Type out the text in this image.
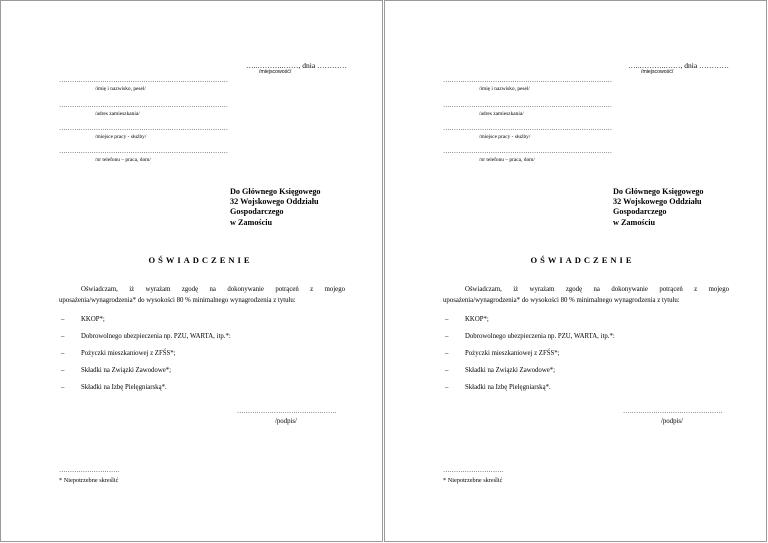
…..………..……, dnia …………
/miejscowość/
……………………………………………………………………
/imię i nazwisko, pesel/
……………………………………………………………………
/adres zamieszkania/
……………………………………………………………………
/miejsce pracy - służby/
……………………………………………………………………
/nr telefonu – praca, dom/
Do Głównego Księgowego
32 Wojskowego Oddziału
Gospodarczego
w Zamościu
OŚWIADCZENIE
Oświadczam, iż wyrażam zgodę na dokonywanie potrąceń z mojego
uposażenia/wynagrodzenia* do wysokości 80 % minimalnego wynagrodzenia z tytułu:
– KKOP*;
– Dobrowolnego ubezpieczenia np. PZU, WARTA, itp.*:
– Pożyczki mieszkaniowej z ZFŚS*;
– Składki na Związki Zawodowe*;
– Składki na Izbę Pielęgniarską*.
……………………………………….
/podpis/
……………………….
* Niepotrzebne skreślić
…..………..……, dnia …………
/miejscowość/
……………………………………………………………………
/imię i nazwisko, pesel/
……………………………………………………………………
/adres zamieszkania/
……………………………………………………………………
/miejsce pracy - służby/
……………………………………………………………………
/nr telefonu – praca, dom/
Do Głównego Księgowego
32 Wojskowego Oddziału
Gospodarczego
w Zamościu
OŚWIADCZENIE
Oświadczam, iż wyrażam zgodę na dokonywanie potrąceń z mojego
uposażenia/wynagrodzenia* do wysokości 80 % minimalnego wynagrodzenia z tytułu:
– KKOP*;
– Dobrowolnego ubezpieczenia np. PZU, WARTA, itp.*:
– Pożyczki mieszkaniowej z ZFŚS*;
– Składki na Związki Zawodowe*;
– Składki na Izbę Pielęgniarską*.
……………………………………….
/podpis/
……………………….
* Niepotrzebne skreślić
